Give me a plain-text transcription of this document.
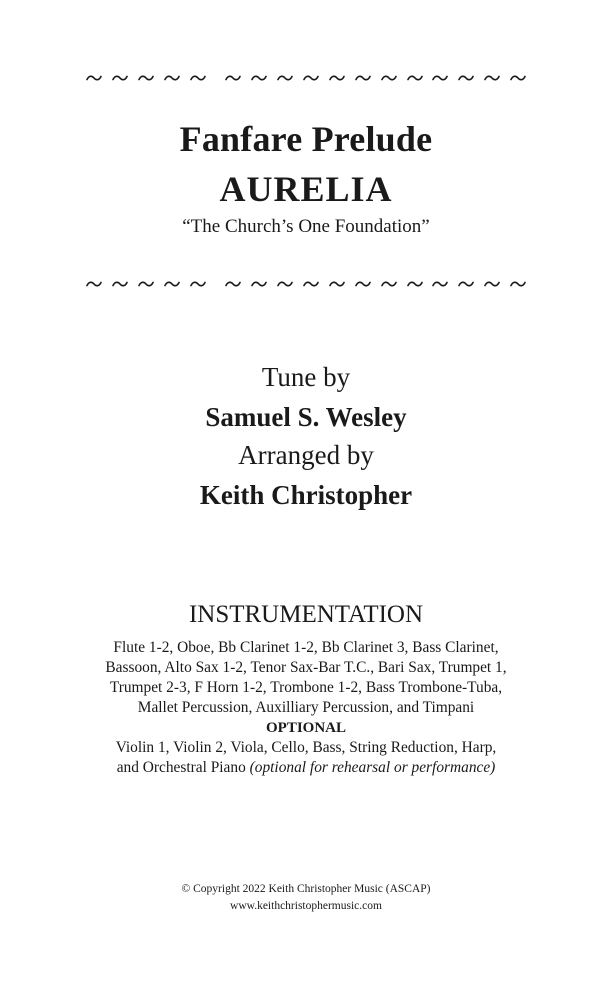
Fanfare Prelude
AURELIA
“The Church’s One Foundation”
Tune by
Samuel S. Wesley
Arranged by
Keith Christopher
INSTRUMENTATION
Flute 1-2, Oboe, Bb Clarinet 1-2, Bb Clarinet 3, Bass Clarinet,
Bassoon, Alto Sax 1-2, Tenor Sax-Bar T.C., Bari Sax, Trumpet 1,
Trumpet 2-3, F Horn 1-2, Trombone 1-2, Bass Trombone-Tuba,
Mallet Percussion, Auxilliary Percussion, and Timpani
OPTIONAL
Violin 1, Violin 2, Viola, Cello, Bass, String Reduction, Harp,
and Orchestral Piano (optional for rehearsal or performance)
© Copyright 2022 Keith Christopher Music (ASCAP)
www.keithchristophermusic.com
